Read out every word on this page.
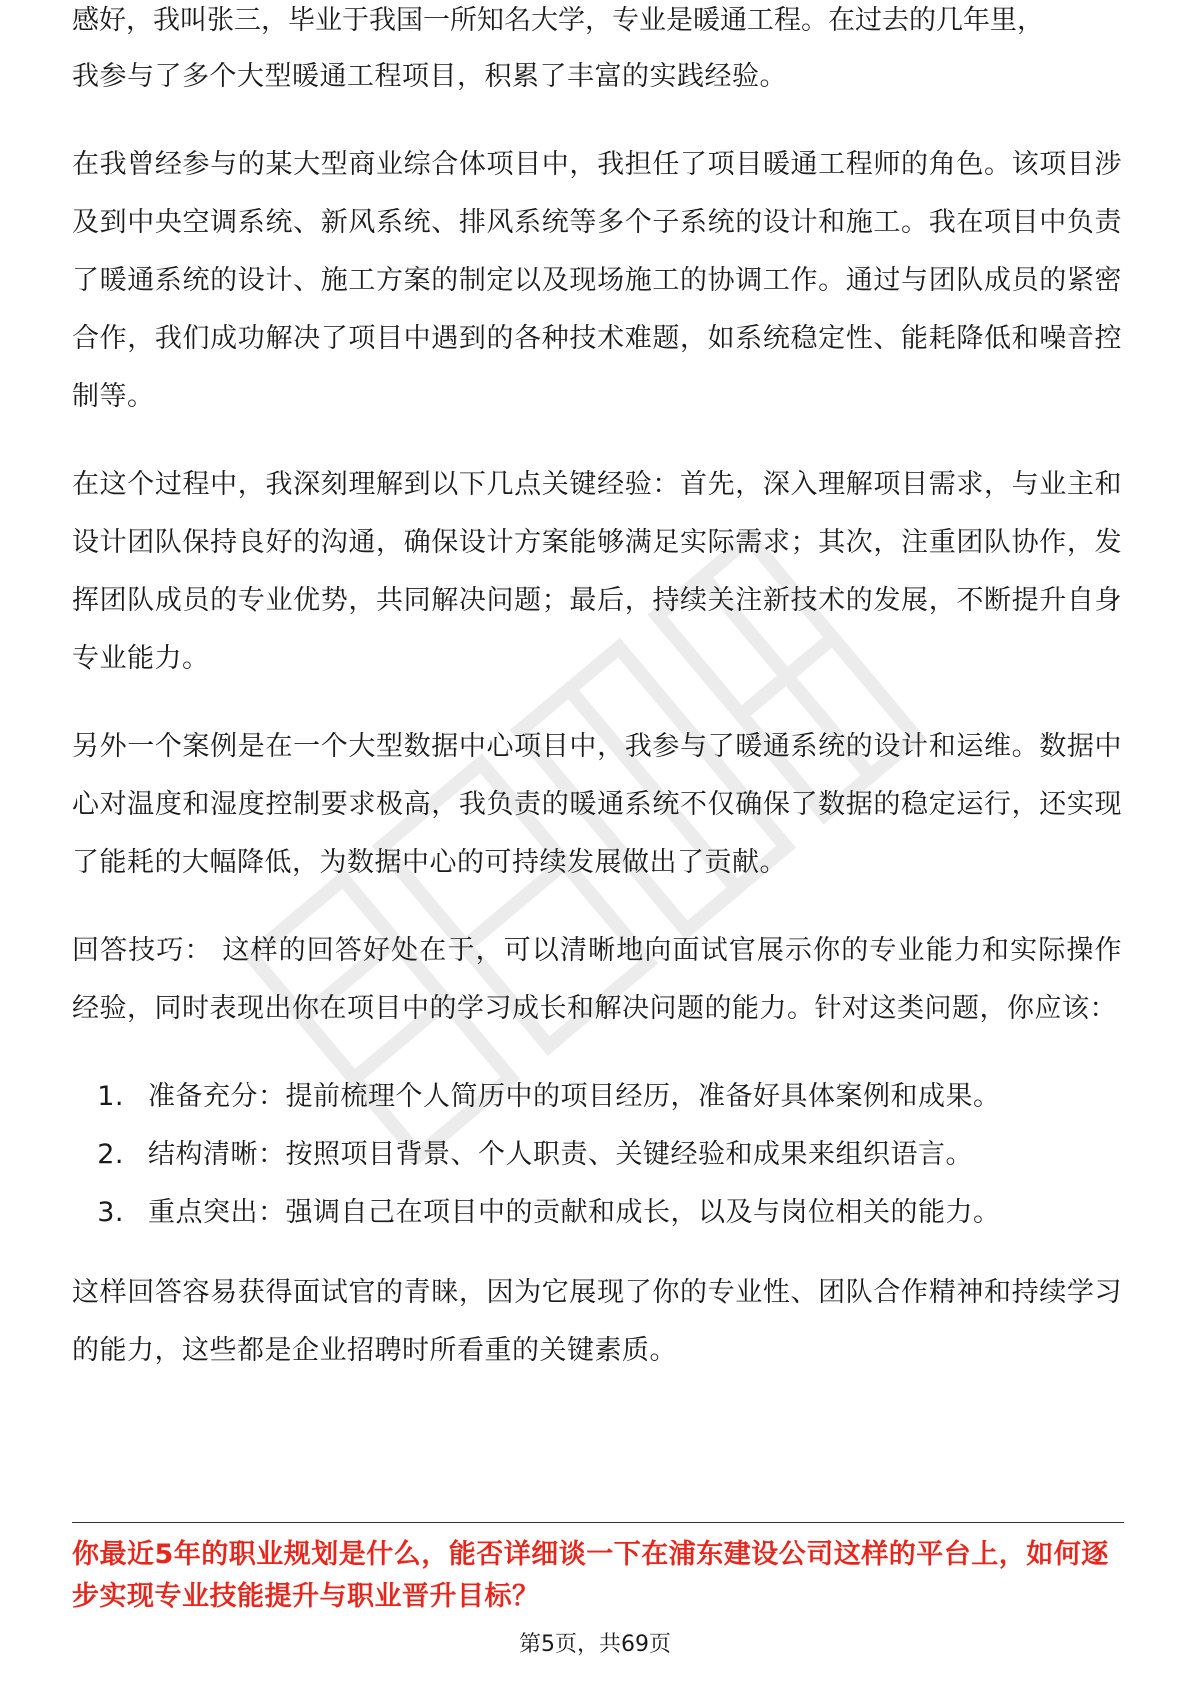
感好，我叫张三，毕业于我国一所知名大学，专业是暖通工程。在过去的几年里，

我参与了多个大型暖通工程项目，积累了丰富的实践经验。

在我曾经参与的某大型商业综合体项目中，我担任了项目暖通工程师的角色。该项目涉及到中央空调系统、新风系统、排风系统等多个子系统的设计和施工。我在项目中负责了暖通系统的设计、施工方案的制定以及现场施工的协调工作。通过与团队成员的紧密合作，我们成功解决了项目中遇到的各种技术难题，如系统稳定性、能耗降低和噪音控制等。

在这个过程中，我深刻理解到以下几点关键经验：首先，深入理解项目需求，与业主和设计团队保持良好的沟通，确保设计方案能够满足实际需求；其次，注重团队协作，发挥团队成员的专业优势，共同解决问题；最后，持续关注新技术的发展，不断提升自身专业能力。

另外一个案例是在一个大型数据中心项目中，我参与了暖通系统的设计和运维。数据中心对温度和湿度控制要求极高，我负责的暖通系统不仅确保了数据的稳定运行，还实现了能耗的大幅降低，为数据中心的可持续发展做出了贡献。

回答技巧： 这样的回答好处在于，可以清晰地向面试官展示你的专业能力和实际操作经验，同时表现出你在项目中的学习成长和解决问题的能力。针对这类问题，你应该：

1. 准备充分：提前梳理个人简历中的项目经历，准备好具体案例和成果。
2. 结构清晰：按照项目背景、个人职责、关键经验和成果来组织语言。
3. 重点突出：强调自己在项目中的贡献和成长，以及与岗位相关的能力。

这样回答容易获得面试官的青睐，因为它展现了你的专业性、团队合作精神和持续学习的能力，这些都是企业招聘时所看重的关键素质。

你最近5年的职业规划是什么，能否详细谈一下在浦东建设公司这样的平台上，如何逐步实现专业技能提升与职业晋升目标？
第5页，共69页
